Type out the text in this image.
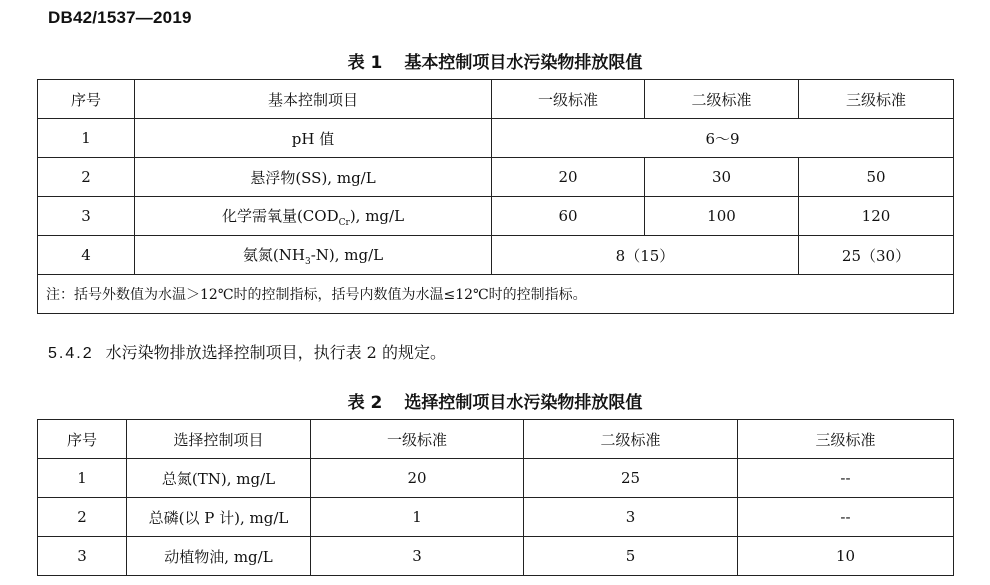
DB42/1537—2019
表 1 基本控制项目水污染物排放限值
序号	基本控制项目	一级标准	二级标准	三级标准
1	pH 值	6～9		
2	悬浮物(SS), mg/L	20	30	50
3	化学需氧量$(COD_{Cr})$, mg/L	60	100	120
4	氨氮$(NH_3-N)$, mg/L	8（15）		25（30）
注：括号外数值为水温＞12℃时的控制指标，括号内数值为水温≤12℃时的控制指标。				
5.4.2 水污染物排放选择控制项目，执行表 2 的规定。
表 2 选择控制项目水污染物排放限值
序号	选择控制项目	一级标准	二级标准	三级标准
1	总氮(TN), mg/L	20	25	--
2	总磷(以 P 计), mg/L	1	3	--
3	动植物油, mg/L	3	5	10
